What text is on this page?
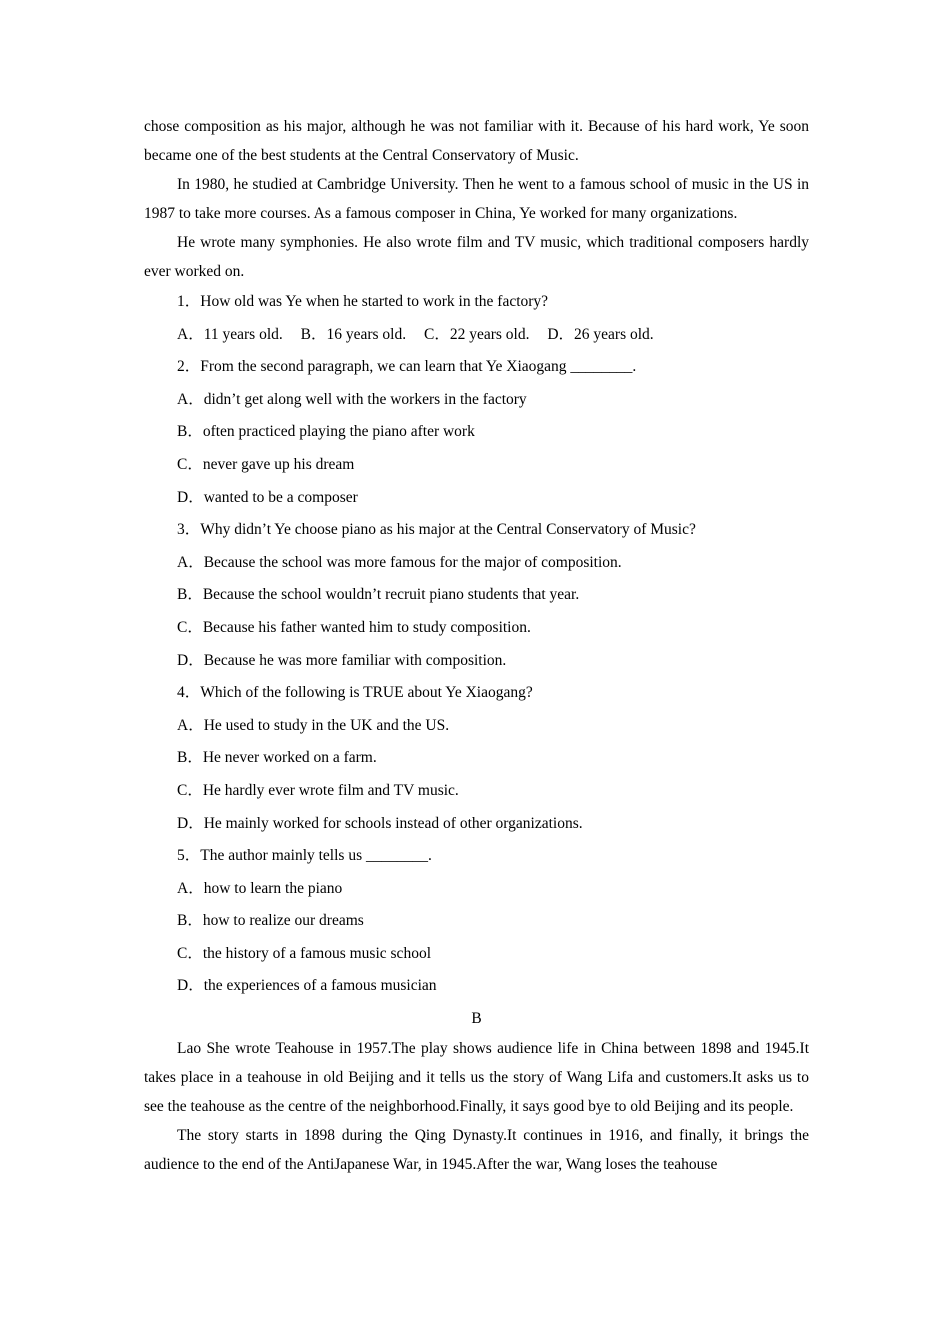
chose composition as his major, although he was not familiar with it. Because of his hard work, Ye soon became one of the best students at the Central Conservatory of Music.

In 1980, he studied at Cambridge University. Then he went to a famous school of music in the US in 1987 to take more courses. As a famous composer in China, Ye worked for many organizations.

He wrote many symphonies. He also wrote film and TV music, which traditional composers hardly ever worked on.

1．How old was Ye when he started to work in the factory?

A．11 years old. B．16 years old. C．22 years old. D．26 years old.

2．From the second paragraph, we can learn that Ye Xiaogang ________.

A．didn’t get along well with the workers in the factory

B．often practiced playing the piano after work

C．never gave up his dream

D．wanted to be a composer

3．Why didn’t Ye choose piano as his major at the Central Conservatory of Music?

A．Because the school was more famous for the major of composition.

B．Because the school wouldn’t recruit piano students that year.

C．Because his father wanted him to study composition.

D．Because he was more familiar with composition.

4．Which of the following is TRUE about Ye Xiaogang?

A．He used to study in the UK and the US.

B．He never worked on a farm.

C．He hardly ever wrote film and TV music.

D．He mainly worked for schools instead of other organizations.

5．The author mainly tells us ________.

A．how to learn the piano

B．how to realize our dreams

C．the history of a famous music school

D．the experiences of a famous musician

B

Lao She wrote Teahouse in 1957.The play shows audience life in China between 1898 and 1945.It takes place in a teahouse in old Beijing and it tells us the story of Wang Lifa and customers.It asks us to see the teahouse as the centre of the neighborhood.Finally, it says good bye to old Beijing and its people.

The story starts in 1898 during the Qing Dynasty.It continues in 1916, and finally, it brings the audience to the end of the AntiJapanese War, in 1945.After the war, Wang loses the teahouse
